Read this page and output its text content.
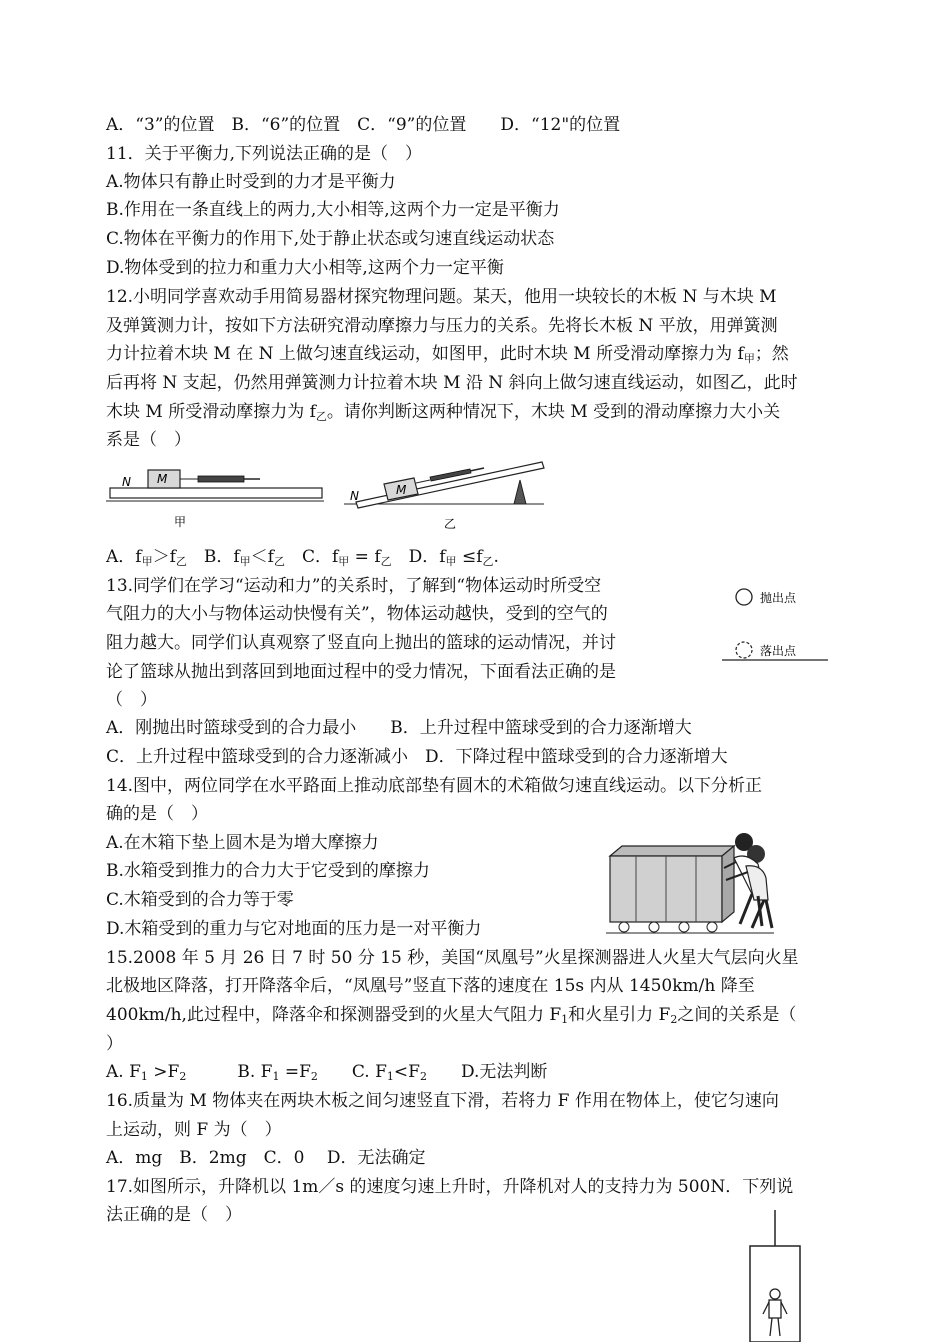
A．“3”的位置　B．“6”的位置　C．“9”的位置　　D．“12"的位置
11．关于平衡力,下列说法正确的是（　）
A.物体只有静止时受到的力才是平衡力
B.作用在一条直线上的两力,大小相等,这两个力一定是平衡力
C.物体在平衡力的作用下,处于静止状态或匀速直线运动状态
D.物体受到的拉力和重力大小相等,这两个力一定平衡
12.小明同学喜欢动手用简易器材探究物理问题。某天，他用一块较长的木板 N 与木块 M
及弹簧测力计，按如下方法研究滑动摩擦力与压力的关系。先将长木板 N 平放，用弹簧测
力计拉着木块 M 在 N 上做匀速直线运动，如图甲，此时木块 M 所受滑动摩擦力为 $f_甲$；然
后再将 N 支起，仍然用弹簧测力计拉着木块 M 沿 N 斜向上做匀速直线运动，如图乙，此时
木块 M 所受滑动摩擦力为 $f_乙$。请你判断这两种情况下，木块 M 受到的滑动摩擦力大小关
系是（　）
M
N
甲
M
N
乙
A．$f_甲>f_乙$　B．$f_甲<f_乙$　C．$f_甲 = f_乙$　D．$f_甲 \le f_乙$.
13.同学们在学习“运动和力”的关系时，了解到“物体运动时所受空
气阻力的大小与物体运动快慢有关”，物体运动越快，受到的空气的
阻力越大。同学们认真观察了竖直向上抛出的篮球的运动情况，并讨
论了篮球从抛出到落回到地面过程中的受力情况，下面看法正确的是
（　）
抛出点
落出点
A．刚抛出时篮球受到的合力最小　　B．上升过程中篮球受到的合力逐渐增大
C．上升过程中篮球受到的合力逐渐减小　D．下降过程中篮球受到的合力逐渐增大
14.图中，两位同学在水平路面上推动底部垫有圆木的术箱做匀速直线运动。以下分析正
确的是（　）
A.在木箱下垫上圆木是为增大摩擦力
B.水箱受到推力的合力大于它受到的摩擦力
C.木箱受到的合力等于零
D.木箱受到的重力与它对地面的压力是一对平衡力
15.2008 年 5 月 26 日 7 时 50 分 15 秒，美国“凤凰号”火星探测器进人火星大气层向火星
北极地区降落，打开降落伞后，“凤凰号”竖直下落的速度在 15s 内从 1450km/h 降至
400km/h,此过程中，降落伞和探测器受到的火星大气阻力 $F_1$和火星引力 $F_2$之间的关系是（
）
A. $F_1 >F_2$　　　B. $F_1 =F_2$　　C. $F_1<F_2$　　D.无法判断
16.质量为 M 物体夹在两块木板之间匀速竖直下滑，若将力 F 作用在物体上，使它匀速向
上运动，则 F 为（　）
A．mg　B．2mg　C．0　 D．无法确定
17.如图所示，升降机以 1m／s 的速度匀速上升时，升降机对人的支持力为 500N．下列说
法正确的是（　）
